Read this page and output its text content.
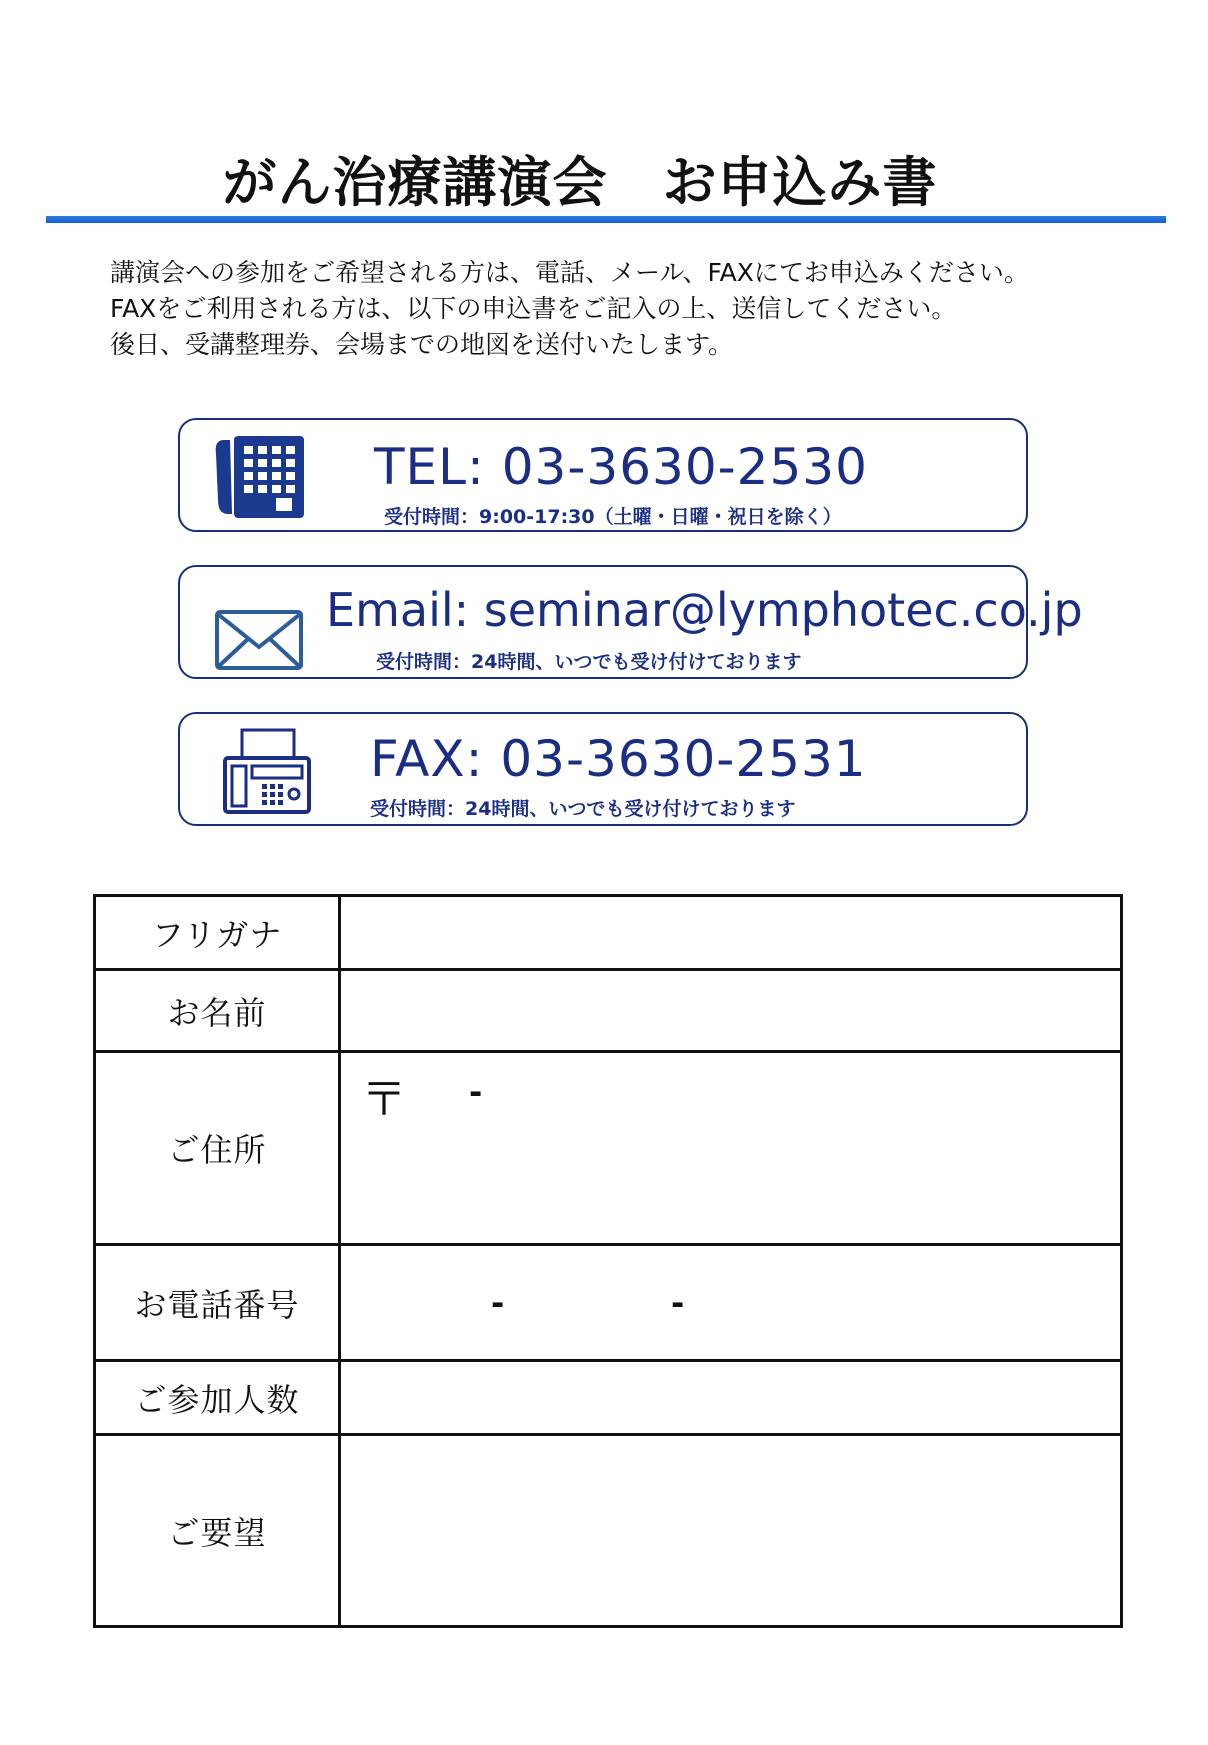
がん治療講演会　お申込み書
講演会への参加をご希望される方は、電話、メール、FAXにてお申込みください。
FAXをご利用される方は、以下の申込書をご記入の上、送信してください。
後日、受講整理券、会場までの地図を送付いたします。
TEL: 03-3630-2530
受付時間：9:00-17:30（土曜・日曜・祝日を除く）
Email: seminar@lymphotec.co.jp
受付時間：24時間、いつでも受け付けております
FAX: 03-3630-2531
受付時間：24時間、いつでも受け付けております
フリガナ	
お名前	
ご住所	〒 -

お電話番号	- -

ご参加人数	
ご要望	
